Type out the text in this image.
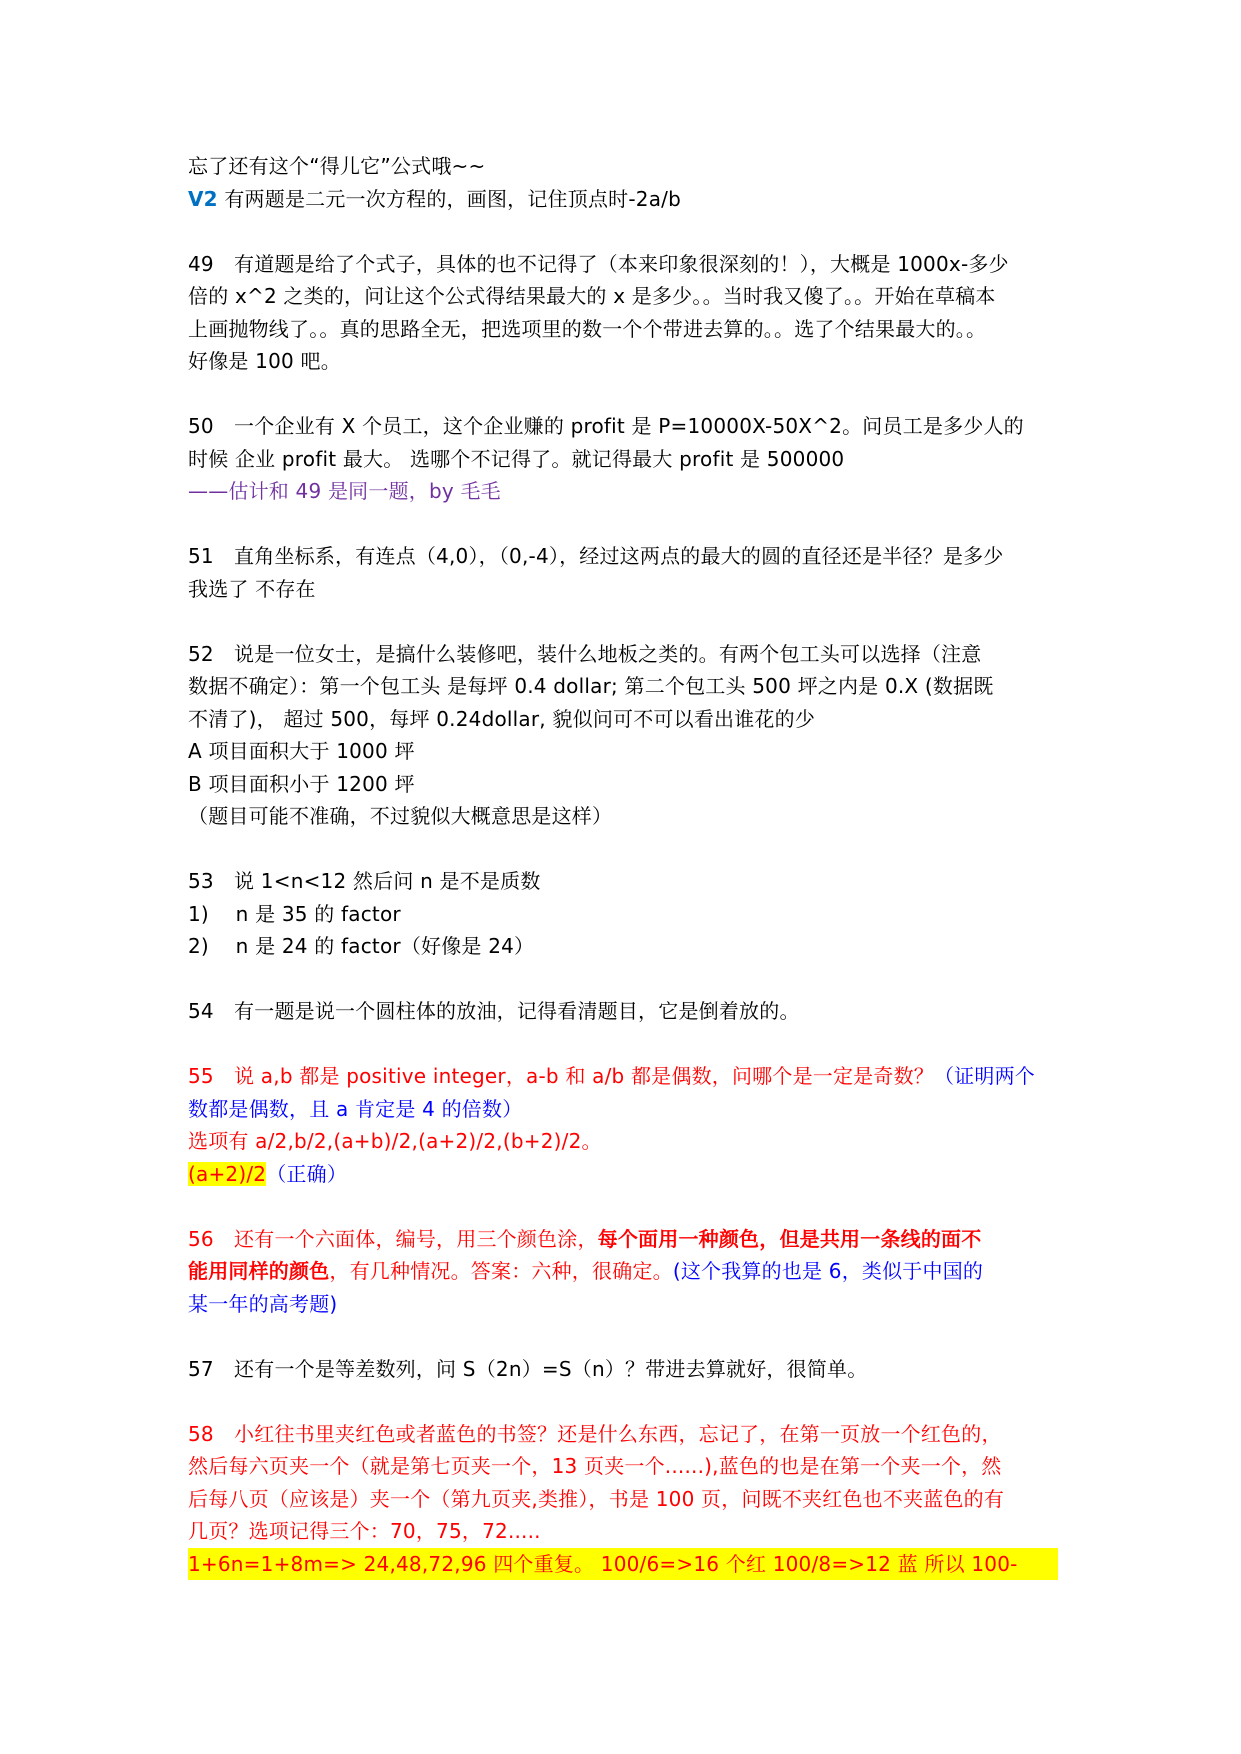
忘了还有这个“得儿它”公式哦~~
V2 有两题是二元一次方程的，画图，记住顶点时-2a/b
49　有道题是给了个式子，具体的也不记得了（本来印象很深刻的！），大概是 1000x-多少
倍的 x^2 之类的，问让这个公式得结果最大的 x 是多少。。当时我又傻了。。开始在草稿本
上画抛物线了。。真的思路全无，把选项里的数一个个带进去算的。。选了个结果最大的。。
好像是 100 吧。
50　一个企业有 X 个员工，这个企业赚的 profit 是 P=10000X-50X^2。问员工是多少人的
时候 企业 profit 最大。 选哪个不记得了。就记得最大 profit 是 500000
——估计和 49 是同一题，by 毛毛
51　直角坐标系，有连点（4,0），（0,-4），经过这两点的最大的圆的直径还是半径？是多少
我选了 不存在
52　说是一位女士，是搞什么装修吧，装什么地板之类的。有两个包工头可以选择（注意
数据不确定）：第一个包工头 是每坪 0.4 dollar; 第二个包工头 500 坪之内是 0.X (数据既
不清了)， 超过 500，每坪 0.24dollar, 貌似问可不可以看出谁花的少
A 项目面积大于 1000 坪
B 项目面积小于 1200 坪
（题目可能不准确，不过貌似大概意思是这样）
53　说 1<n<12 然后问 n 是不是质数
1)　 n 是 35 的 factor
2)　 n 是 24 的 factor（好像是 24）
54　有一题是说一个圆柱体的放油，记得看清题目，它是倒着放的。
55　说 a,b 都是 positive integer，a-b 和 a/b 都是偶数，问哪个是一定是奇数？（证明两个
数都是偶数，且 a 肯定是 4 的倍数）
选项有 a/2,b/2,(a+b)/2,(a+2)/2,(b+2)/2。
(a+2)/2（正确）
56　还有一个六面体，编号，用三个颜色涂，每个面用一种颜色，但是共用一条线的面不
能用同样的颜色，有几种情况。答案：六种，很确定。(这个我算的也是 6，类似于中国的
某一年的高考题)
57　还有一个是等差数列，问 S（2n）=S（n）？带进去算就好，很简单。
58　小红往书里夹红色或者蓝色的书签？还是什么东西，忘记了，在第一页放一个红色的，
然后每六页夹一个（就是第七页夹一个，13 页夹一个......),蓝色的也是在第一个夹一个，然
后每八页（应该是）夹一个（第九页夹,类推），书是 100 页，问既不夹红色也不夹蓝色的有
几页？选项记得三个：70，75，72.....
1+6n=1+8m=> 24,48,72,96 四个重复。 100/6=>16 个红 100/8=>12 蓝 所以 100-
